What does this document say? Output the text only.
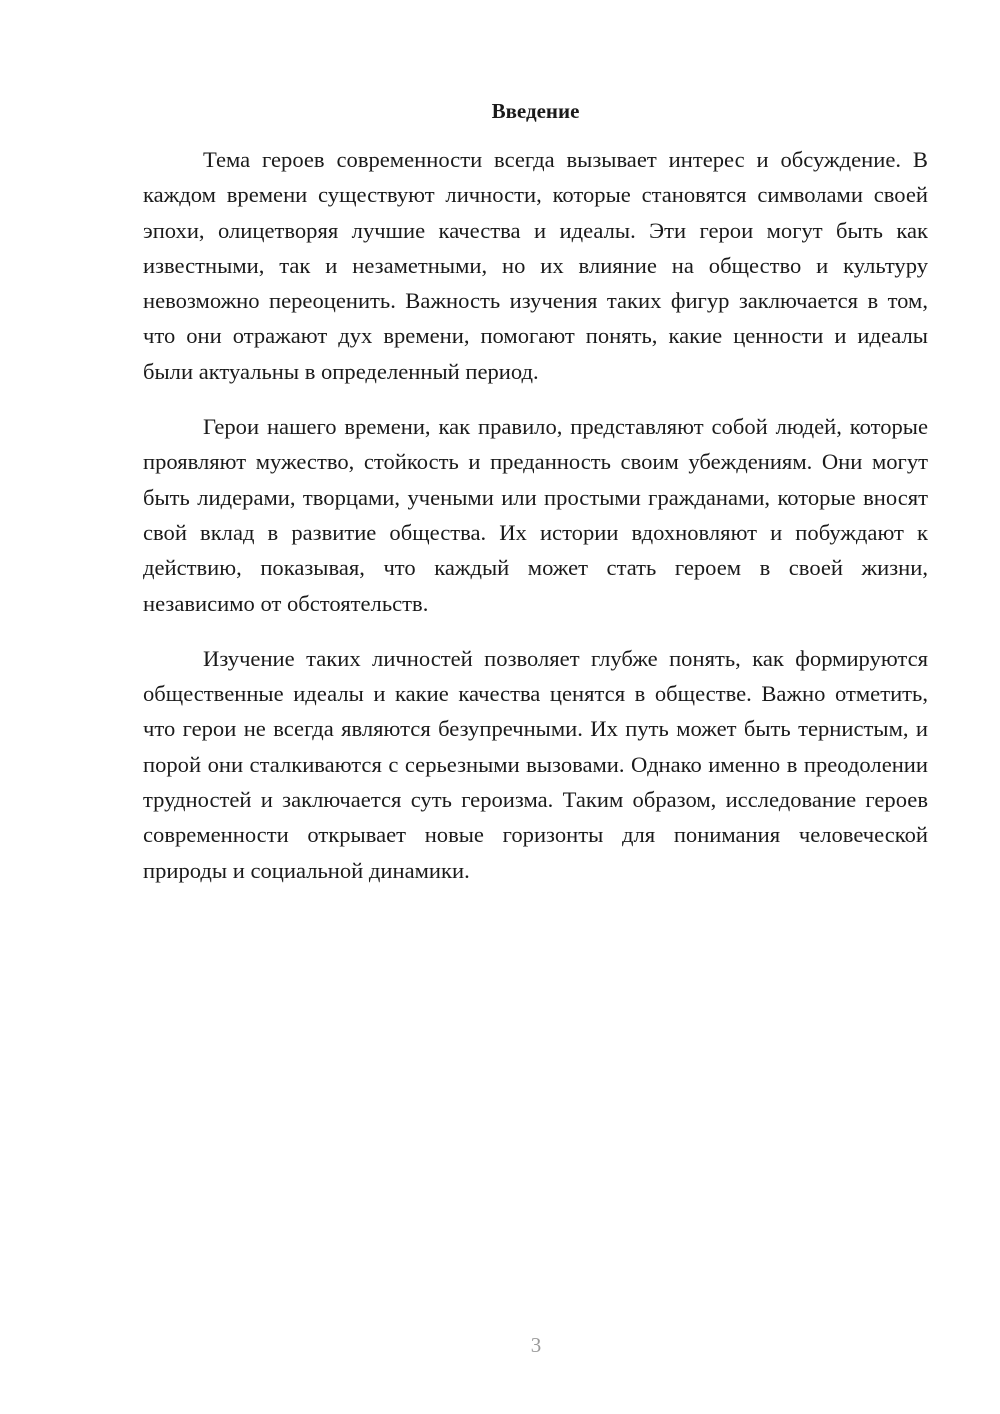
Введение

Тема героев современности всегда вызывает интерес и обсуждение. В каждом времени существуют личности, которые становятся символами своей эпохи, олицетворяя лучшие качества и идеалы. Эти герои могут быть как известными, так и незаметными, но их влияние на общество и культуру невозможно переоценить. Важность изучения таких фигур заключается в том, что они отражают дух времени, помогают понять, какие ценности и идеалы были актуальны в определенный период.

Герои нашего времени, как правило, представляют собой людей, которые проявляют мужество, стойкость и преданность своим убеждениям. Они могут быть лидерами, творцами, учеными или простыми гражданами, которые вносят свой вклад в развитие общества. Их истории вдохновляют и побуждают к действию, показывая, что каждый может стать героем в своей жизни, независимо от обстоятельств.

Изучение таких личностей позволяет глубже понять, как формируются общественные идеалы и какие качества ценятся в обществе. Важно отметить, что герои не всегда являются безупречными. Их путь может быть тернистым, и порой они сталкиваются с серьезными вызовами. Однако именно в преодолении трудностей и заключается суть героизма. Таким образом, исследование героев современности открывает новые горизонты для понимания человеческой природы и социальной динамики.

3
